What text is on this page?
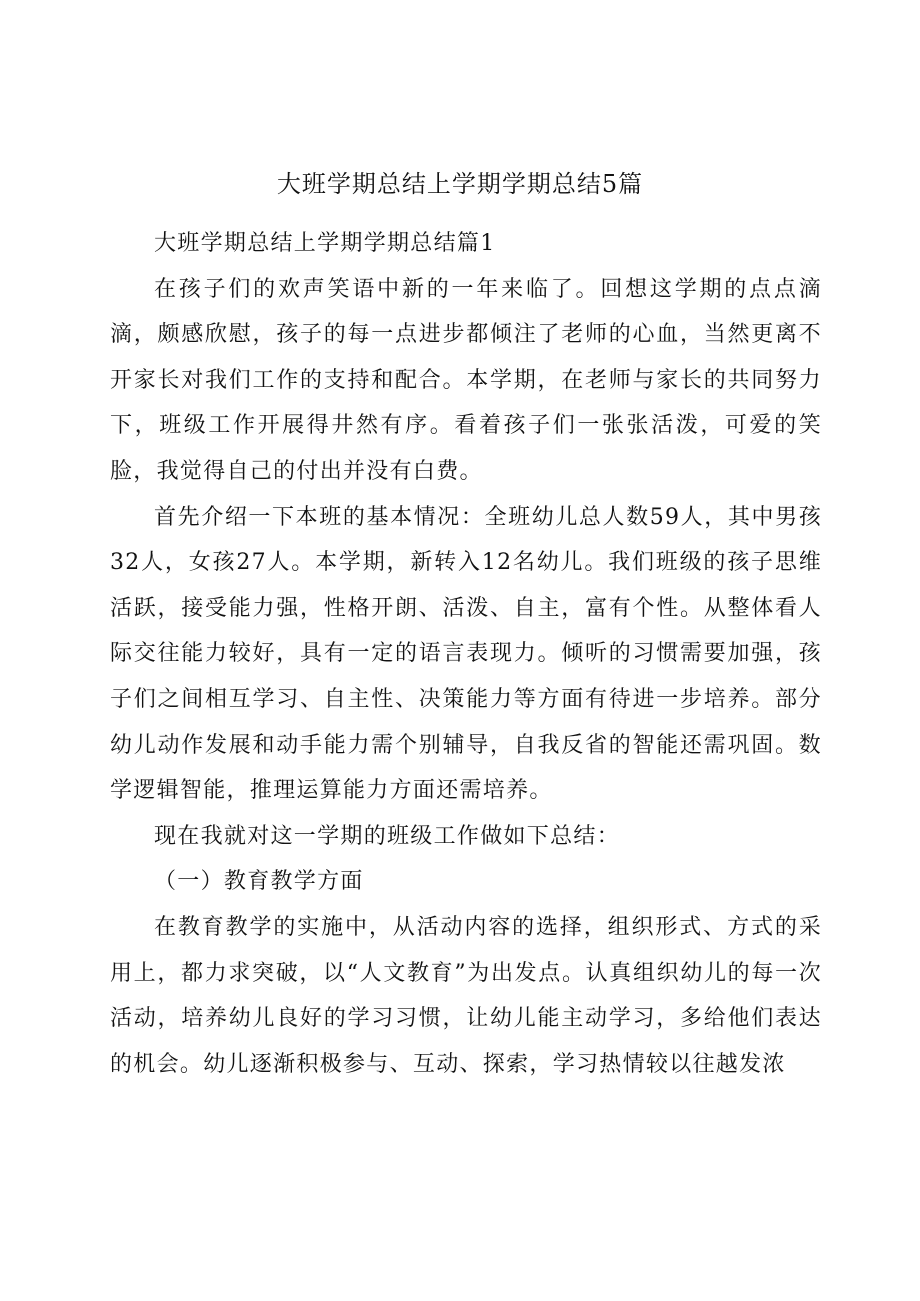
大班学期总结上学期学期总结5篇

大班学期总结上学期学期总结篇1

在孩子们的欢声笑语中新的一年来临了。回想这学期的点点滴滴，颇感欣慰，孩子的每一点进步都倾注了老师的心血，当然更离不开家长对我们工作的支持和配合。本学期，在老师与家长的共同努力下，班级工作开展得井然有序。看着孩子们一张张活泼，可爱的笑脸，我觉得自己的付出并没有白费。

首先介绍一下本班的基本情况：全班幼儿总人数59人，其中男孩32人，女孩27人。本学期，新转入12名幼儿。我们班级的孩子思维活跃，接受能力强，性格开朗、活泼、自主，富有个性。从整体看人际交往能力较好，具有一定的语言表现力。倾听的习惯需要加强，孩子们之间相互学习、自主性、决策能力等方面有待进一步培养。部分幼儿动作发展和动手能力需个别辅导，自我反省的智能还需巩固。数学逻辑智能，推理运算能力方面还需培养。

现在我就对这一学期的班级工作做如下总结：

（一）教育教学方面

在教育教学的实施中，从活动内容的选择，组织形式、方式的采用上，都力求突破，以“人文教育”为出发点。认真组织幼儿的每一次活动，培养幼儿良好的学习习惯，让幼儿能主动学习，多给他们表达的机会。幼儿逐渐积极参与、互动、探索，学习热情较以往越发浓
